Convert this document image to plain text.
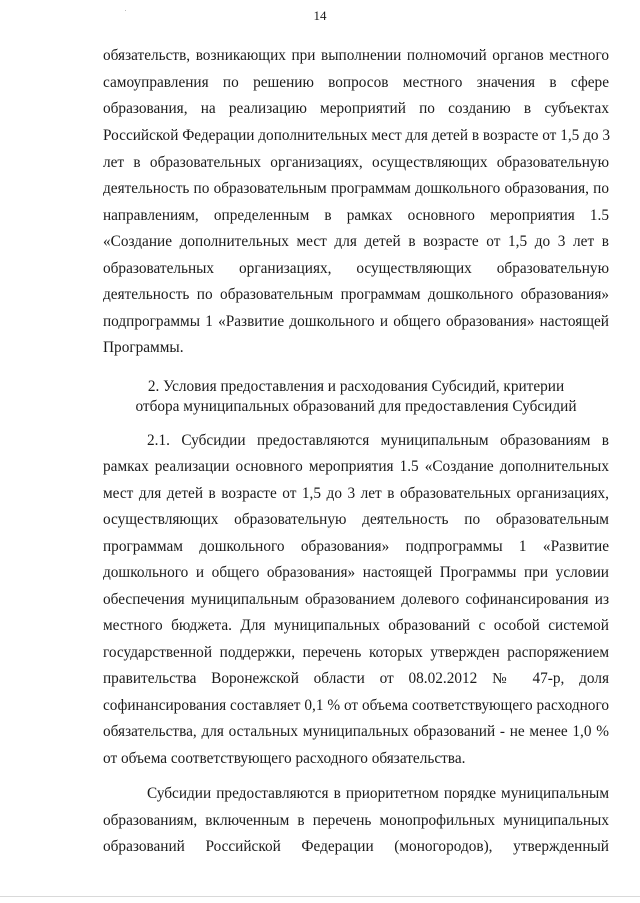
14
обязательств, возникающих при выполнении полномочий органов местного
самоуправления по решению вопросов местного значения в сфере
образования, на реализацию мероприятий по созданию в субъектах
Российской Федерации дополнительных мест для детей в возрасте от 1,5 до 3
лет в образовательных организациях, осуществляющих образовательную
деятельность по образовательным программам дошкольного образования, по
направлениям, определенным в рамках основного мероприятия 1.5
«Создание дополнительных мест для детей в возрасте от 1,5 до 3 лет в
образовательных организациях, осуществляющих образовательную
деятельность по образовательным программам дошкольного образования»
подпрограммы 1 «Развитие дошкольного и общего образования» настоящей
Программы.
2. Условия предоставления и расходования Субсидий, критерии
отбора муниципальных образований для предоставления Субсидий
2.1. Субсидии предоставляются муниципальным образованиям в
рамках реализации основного мероприятия 1.5 «Создание дополнительных
мест для детей в возрасте от 1,5 до 3 лет в образовательных организациях,
осуществляющих образовательную деятельность по образовательным
программам дошкольного образования» подпрограммы 1 «Развитие
дошкольного и общего образования» настоящей Программы при условии
обеспечения муниципальным образованием долевого софинансирования из
местного бюджета. Для муниципальных образований с особой системой
государственной поддержки, перечень которых утвержден распоряжением
правительства Воронежской области от 08.02.2012 № 47-р, доля
софинансирования составляет 0,1 % от объема соответствующего расходного
обязательства, для остальных муниципальных образований - не менее 1,0 %
от объема соответствующего расходного обязательства.
Субсидии предоставляются в приоритетном порядке муниципальным
образованиям, включенным в перечень монопрофильных муниципальных
образований Российской Федерации (моногородов), утвержденный
